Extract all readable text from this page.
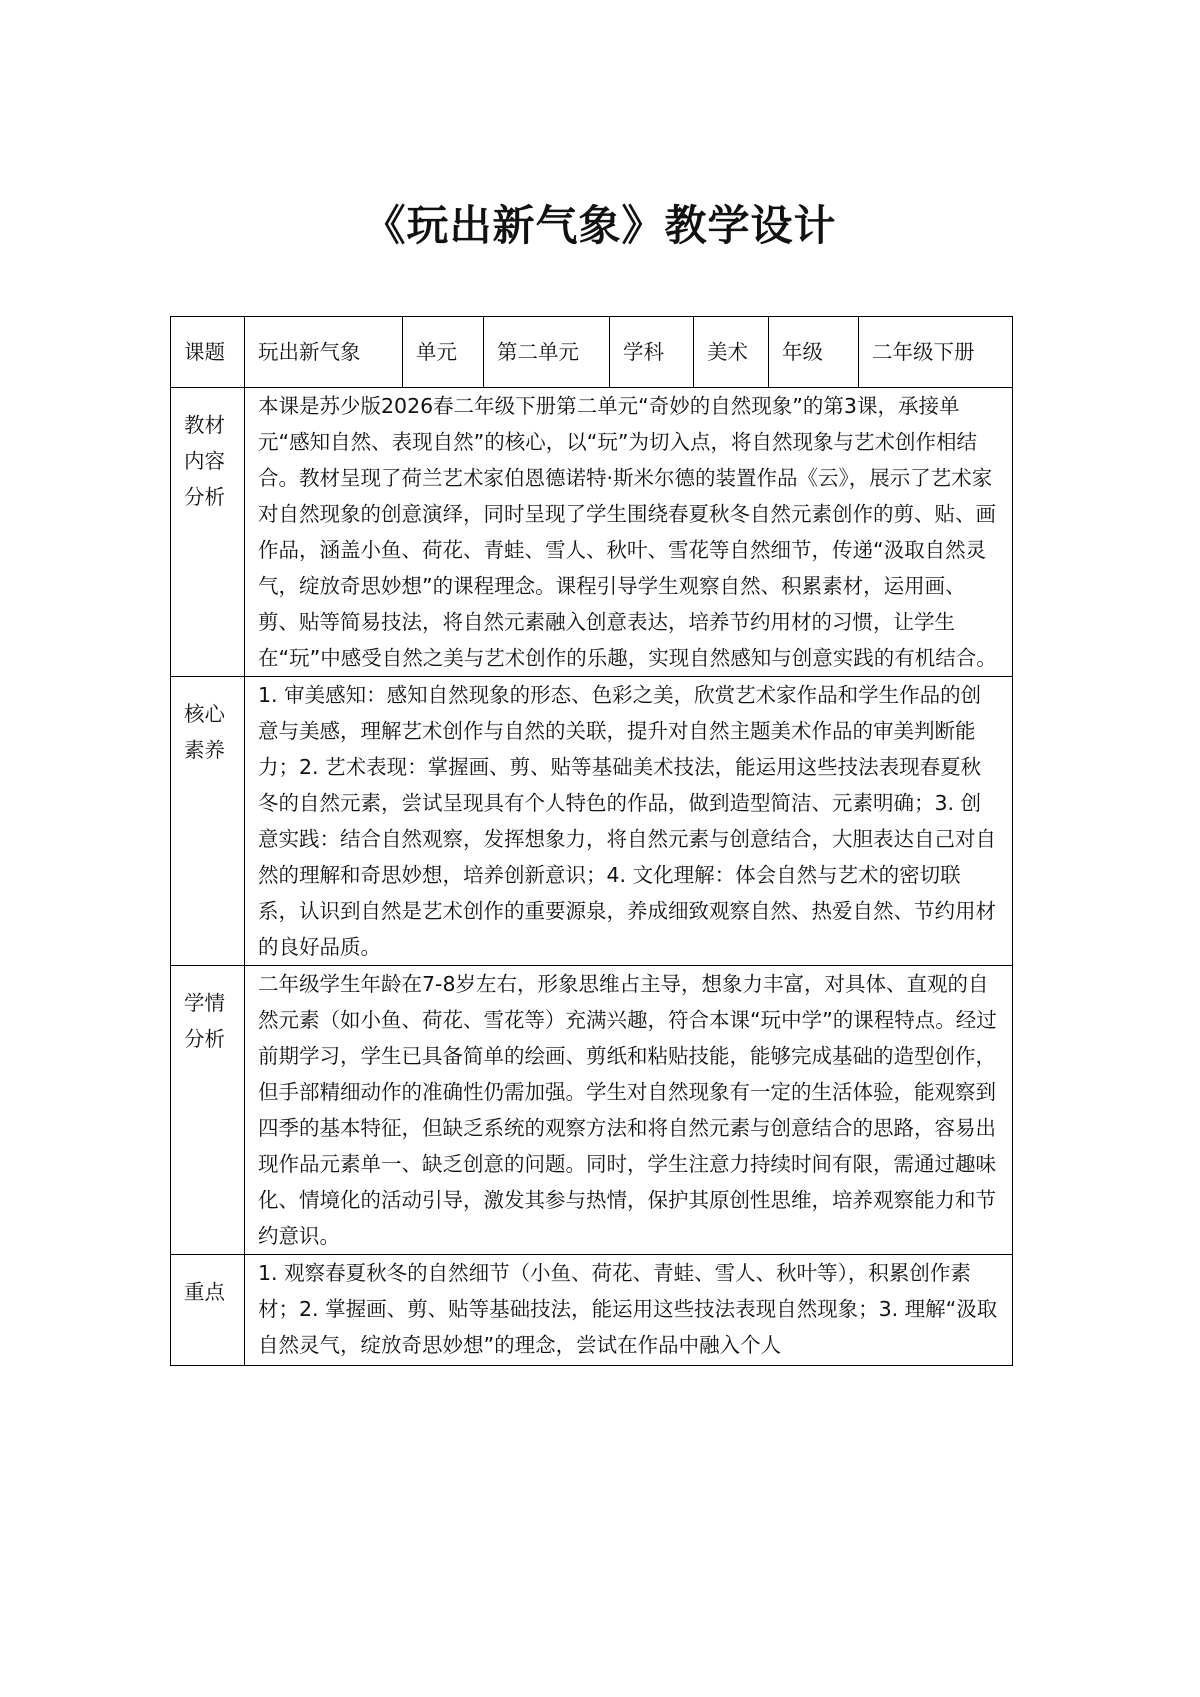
《玩出新气象》教学设计
课题	玩出新气象	单元	第二单元	学科	美术	年级	二年级下册
教材内容分析	本课是苏少版2026春二年级下册第二单元“奇妙的自然现象”的第3课，承接单元“感知自然、表现自然”的核心，以“玩”为切入点，将自然现象与艺术创作相结合。教材呈现了荷兰艺术家伯恩德诺特·斯米尔德的装置作品《云》，展示了艺术家对自然现象的创意演绎，同时呈现了学生围绕春夏秋冬自然元素创作的剪、贴、画作品，涵盖小鱼、荷花、青蛙、雪人、秋叶、雪花等自然细节，传递“汲取自然灵气，绽放奇思妙想”的课程理念。课程引导学生观察自然、积累素材，运用画、剪、贴等简易技法，将自然元素融入创意表达，培养节约用材的习惯，让学生在“玩”中感受自然之美与艺术创作的乐趣，实现自然感知与创意实践的有机结合。						
核心素养	1. 审美感知：感知自然现象的形态、色彩之美，欣赏艺术家作品和学生作品的创意与美感，理解艺术创作与自然的关联，提升对自然主题美术作品的审美判断能力；2. 艺术表现：掌握画、剪、贴等基础美术技法，能运用这些技法表现春夏秋冬的自然元素，尝试呈现具有个人特色的作品，做到造型简洁、元素明确；3. 创意实践：结合自然观察，发挥想象力，将自然元素与创意结合，大胆表达自己对自然的理解和奇思妙想，培养创新意识；4. 文化理解：体会自然与艺术的密切联系，认识到自然是艺术创作的重要源泉，养成细致观察自然、热爱自然、节约用材的良好品质。						
学情分析	二年级学生年龄在7-8岁左右，形象思维占主导，想象力丰富，对具体、直观的自然元素（如小鱼、荷花、雪花等）充满兴趣，符合本课“玩中学”的课程特点。经过前期学习，学生已具备简单的绘画、剪纸和粘贴技能，能够完成基础的造型创作，但手部精细动作的准确性仍需加强。学生对自然现象有一定的生活体验，能观察到四季的基本特征，但缺乏系统的观察方法和将自然元素与创意结合的思路，容易出现作品元素单一、缺乏创意的问题。同时，学生注意力持续时间有限，需通过趣味化、情境化的活动引导，激发其参与热情，保护其原创性思维，培养观察能力和节约意识。						
重点	1. 观察春夏秋冬的自然细节（小鱼、荷花、青蛙、雪人、秋叶等），积累创作素材；2. 掌握画、剪、贴等基础技法，能运用这些技法表现自然现象；3. 理解“汲取自然灵气，绽放奇思妙想”的理念，尝试在作品中融入个人						
